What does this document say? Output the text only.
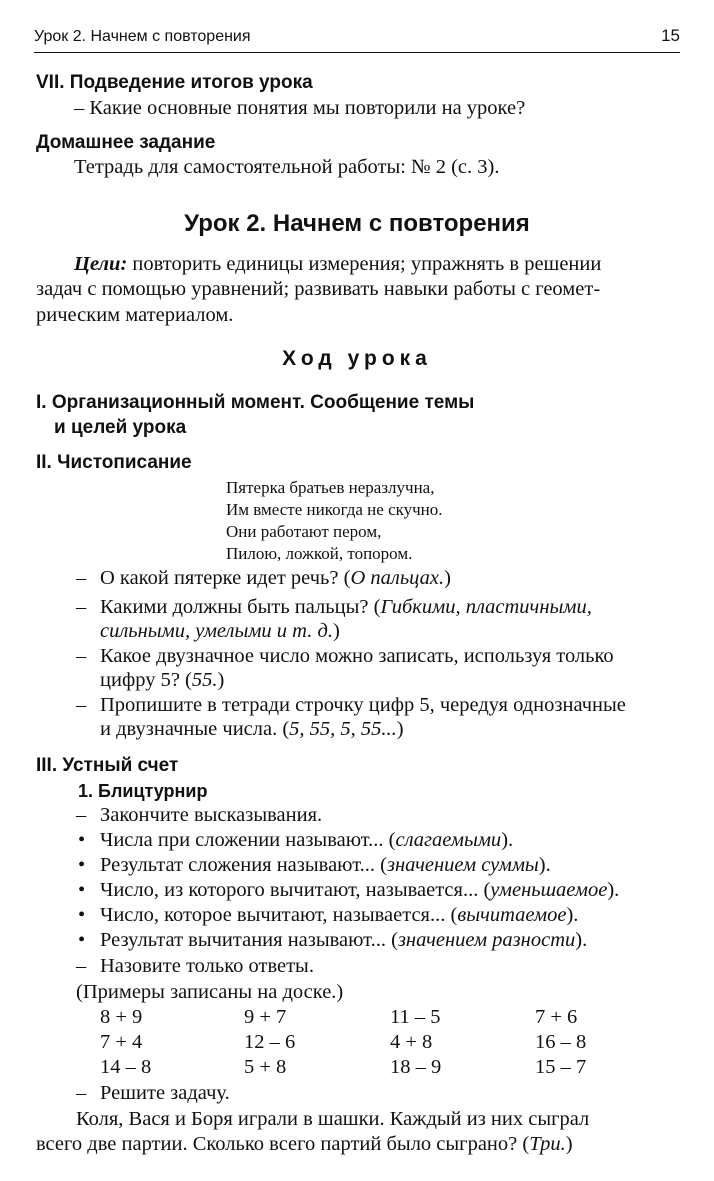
Урок 2. Начнем с повторения	15
VII. Подведение итогов урока
– Какие основные понятия мы повторили на уроке?
Домашнее задание
Тетрадь для самостоятельной работы: № 2 (с. 3).
Урок 2. Начнем с повторения
Цели: повторить единицы измерения; упражнять в решении
задач с помощью уравнений; развивать навыки работы с геомет-
рическим материалом.
Ход урока
I. Организационный момент. Сообщение темы
и целей урока
II. Чистописание
Пятерка братьев неразлучна,
Им вместе никогда не скучно.
Они работают пером,
Пилою, ложкой, топором.
– О какой пятерке идет речь? (О пальцах.)
– Какими должны быть пальцы? (Гибкими, пластичными,
сильными, умелыми и т. д.)
– Какое двузначное число можно записать, используя только
цифру 5? (55.)
– Пропишите в тетради строчку цифр 5, чередуя однозначные
и двузначные числа. (5, 55, 5, 55...)
III. Устный счет
1. Блицтурнир
– Закончите высказывания.
• Числа при сложении называют... (слагаемыми).
• Результат сложения называют... (значением суммы).
• Число, из которого вычитают, называется... (уменьшаемое).
• Число, которое вычитают, называется... (вычитаемое).
• Результат вычитания называют... (значением разности).
– Назовите только ответы.
(Примеры записаны на доске.)
8 + 9	9 + 7	11 – 5	7 + 6
7 + 4	12 – 6	4 + 8	16 – 8
14 – 8	5 + 8	18 – 9	15 – 7
– Решите задачу.
Коля, Вася и Боря играли в шашки. Каждый из них сыграл
всего две партии. Сколько всего партий было сыграно? (Три.)
